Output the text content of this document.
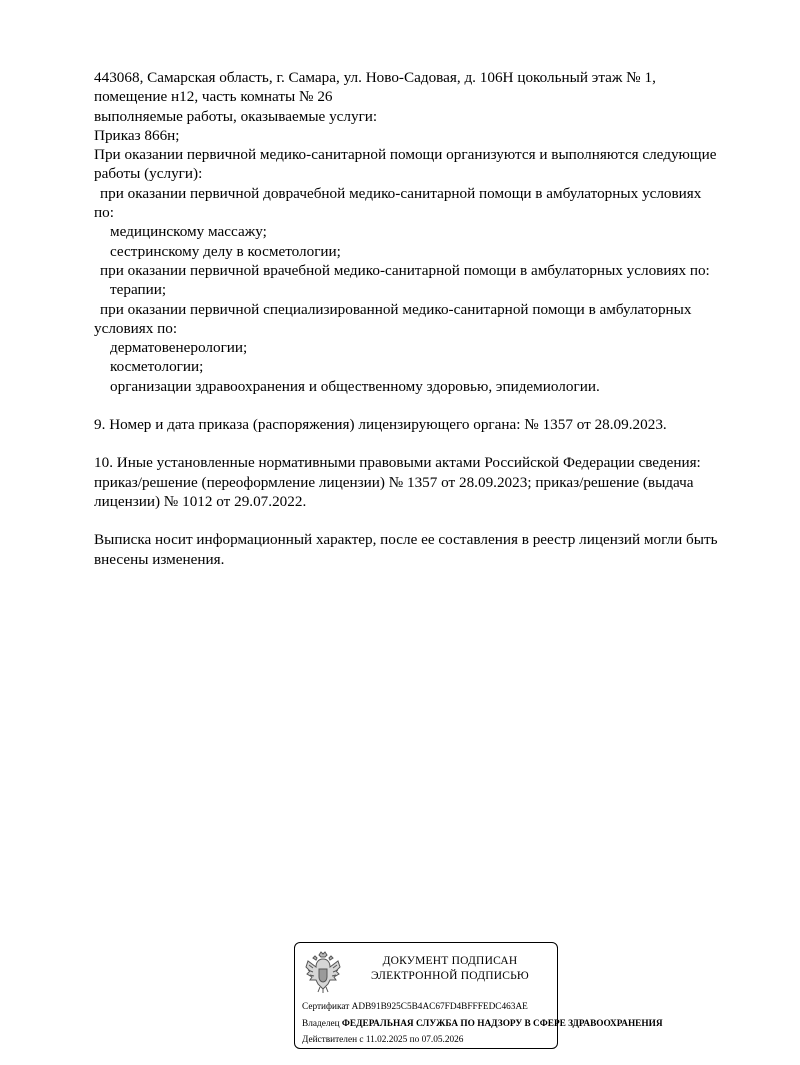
443068, Самарская область, г. Самара, ул. Ново-Садовая, д. 106Н цокольный этаж № 1,
помещение н12, часть комнаты № 26
выполняемые работы, оказываемые услуги:
Приказ 866н;
При оказании первичной медико-санитарной помощи организуются и выполняются следующие
работы (услуги):
при оказании первичной доврачебной медико-санитарной помощи в амбулаторных условиях
по:
медицинскому массажу;
сестринскому делу в косметологии;
при оказании первичной врачебной медико-санитарной помощи в амбулаторных условиях по:
терапии;
при оказании первичной специализированной медико-санитарной помощи в амбулаторных
условиях по:
дерматовенерологии;
косметологии;
организации здравоохранения и общественному здоровью, эпидемиологии.
9. Номер и дата приказа (распоряжения) лицензирующего органа: № 1357 от 28.09.2023.
10. Иные установленные нормативными правовыми актами Российской Федерации сведения:
приказ/решение (переоформление лицензии) № 1357 от 28.09.2023; приказ/решение (выдача
лицензии) № 1012 от 29.07.2022.
Выписка носит информационный характер, после ее составления в реестр лицензий могли быть
внесены изменения.
ДОКУМЕНТ ПОДПИСАН
ЭЛЕКТРОННОЙ ПОДПИСЬЮ
Сертификат ADB91B925C5B4AC67FD4BFFFEDC463AE
Владелец ФЕДЕРАЛЬНАЯ СЛУЖБА ПО НАДЗОРУ В СФЕРЕ ЗДРАВООХРАНЕНИЯ
Действителен с 11.02.2025 по 07.05.2026
